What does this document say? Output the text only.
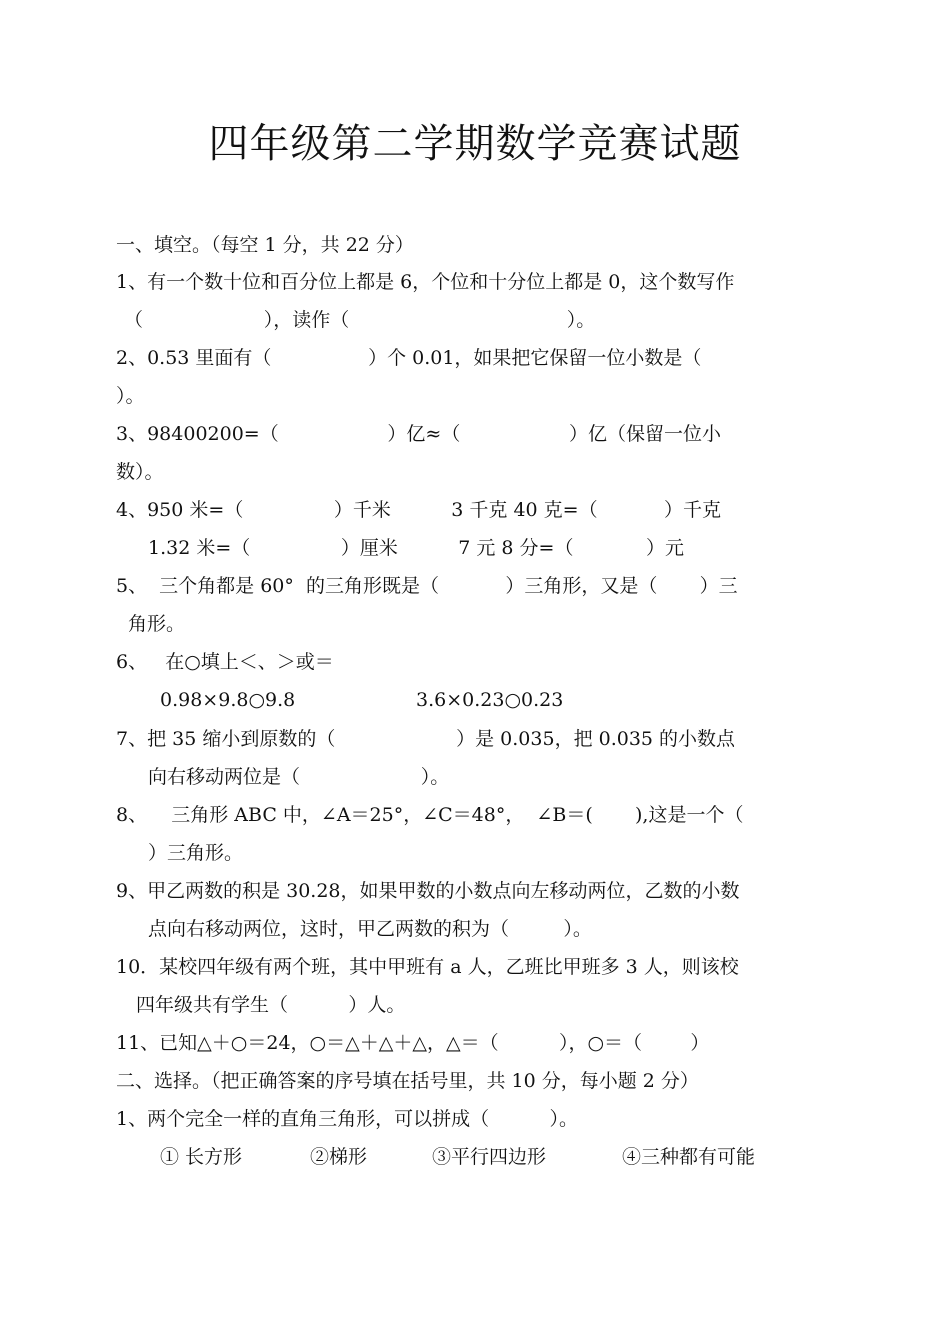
四年级第二学期数学竞赛试题
一、填空。（每空 1 分，共 22 分）
1、有一个数十位和百分位上都是 6，个位和十分位上都是 0，这个数写作
（                    ），读作（                                    ）。
2、0.53 里面有（                ）个 0.01，如果把它保留一位小数是（
）。
3、98400200=（                  ）亿≈（                  ）亿（保留一位小
数）。
4、950 米=（               ）千米          3 千克 40 克=（           ）千克
1.32 米=（               ）厘米          7 元 8 分=（            ）元
5、  三个角都是 60°  的三角形既是（           ）三角形，又是（       ）三
角形。
6、   在○填上＜、＞或＝
0.98×9.8○9.8                    3.6×0.23○0.23
7、把 35 缩小到原数的（                    ）是 0.035，把 0.035 的小数点
向右移动两位是（                    ）。
8、    三角形 ABC 中，∠A＝25°，∠C＝48°，  ∠B＝(       ),这是一个（
）三角形。
9、甲乙两数的积是 30.28，如果甲数的小数点向左移动两位，乙数的小数
点向右移动两位，这时，甲乙两数的积为（         ）。
10．某校四年级有两个班，其中甲班有 a 人，乙班比甲班多 3 人，则该校
四年级共有学生（          ）人。
11、已知△＋○＝24，○＝△＋△＋△，△＝（          ），○＝（        ）
二、选择。（把正确答案的序号填在括号里，共 10 分，每小题 2 分）
1、两个完全一样的直角三角形，可以拼成（          ）。
① 长方形	②梯形	③平行四边形	④三种都有可能
